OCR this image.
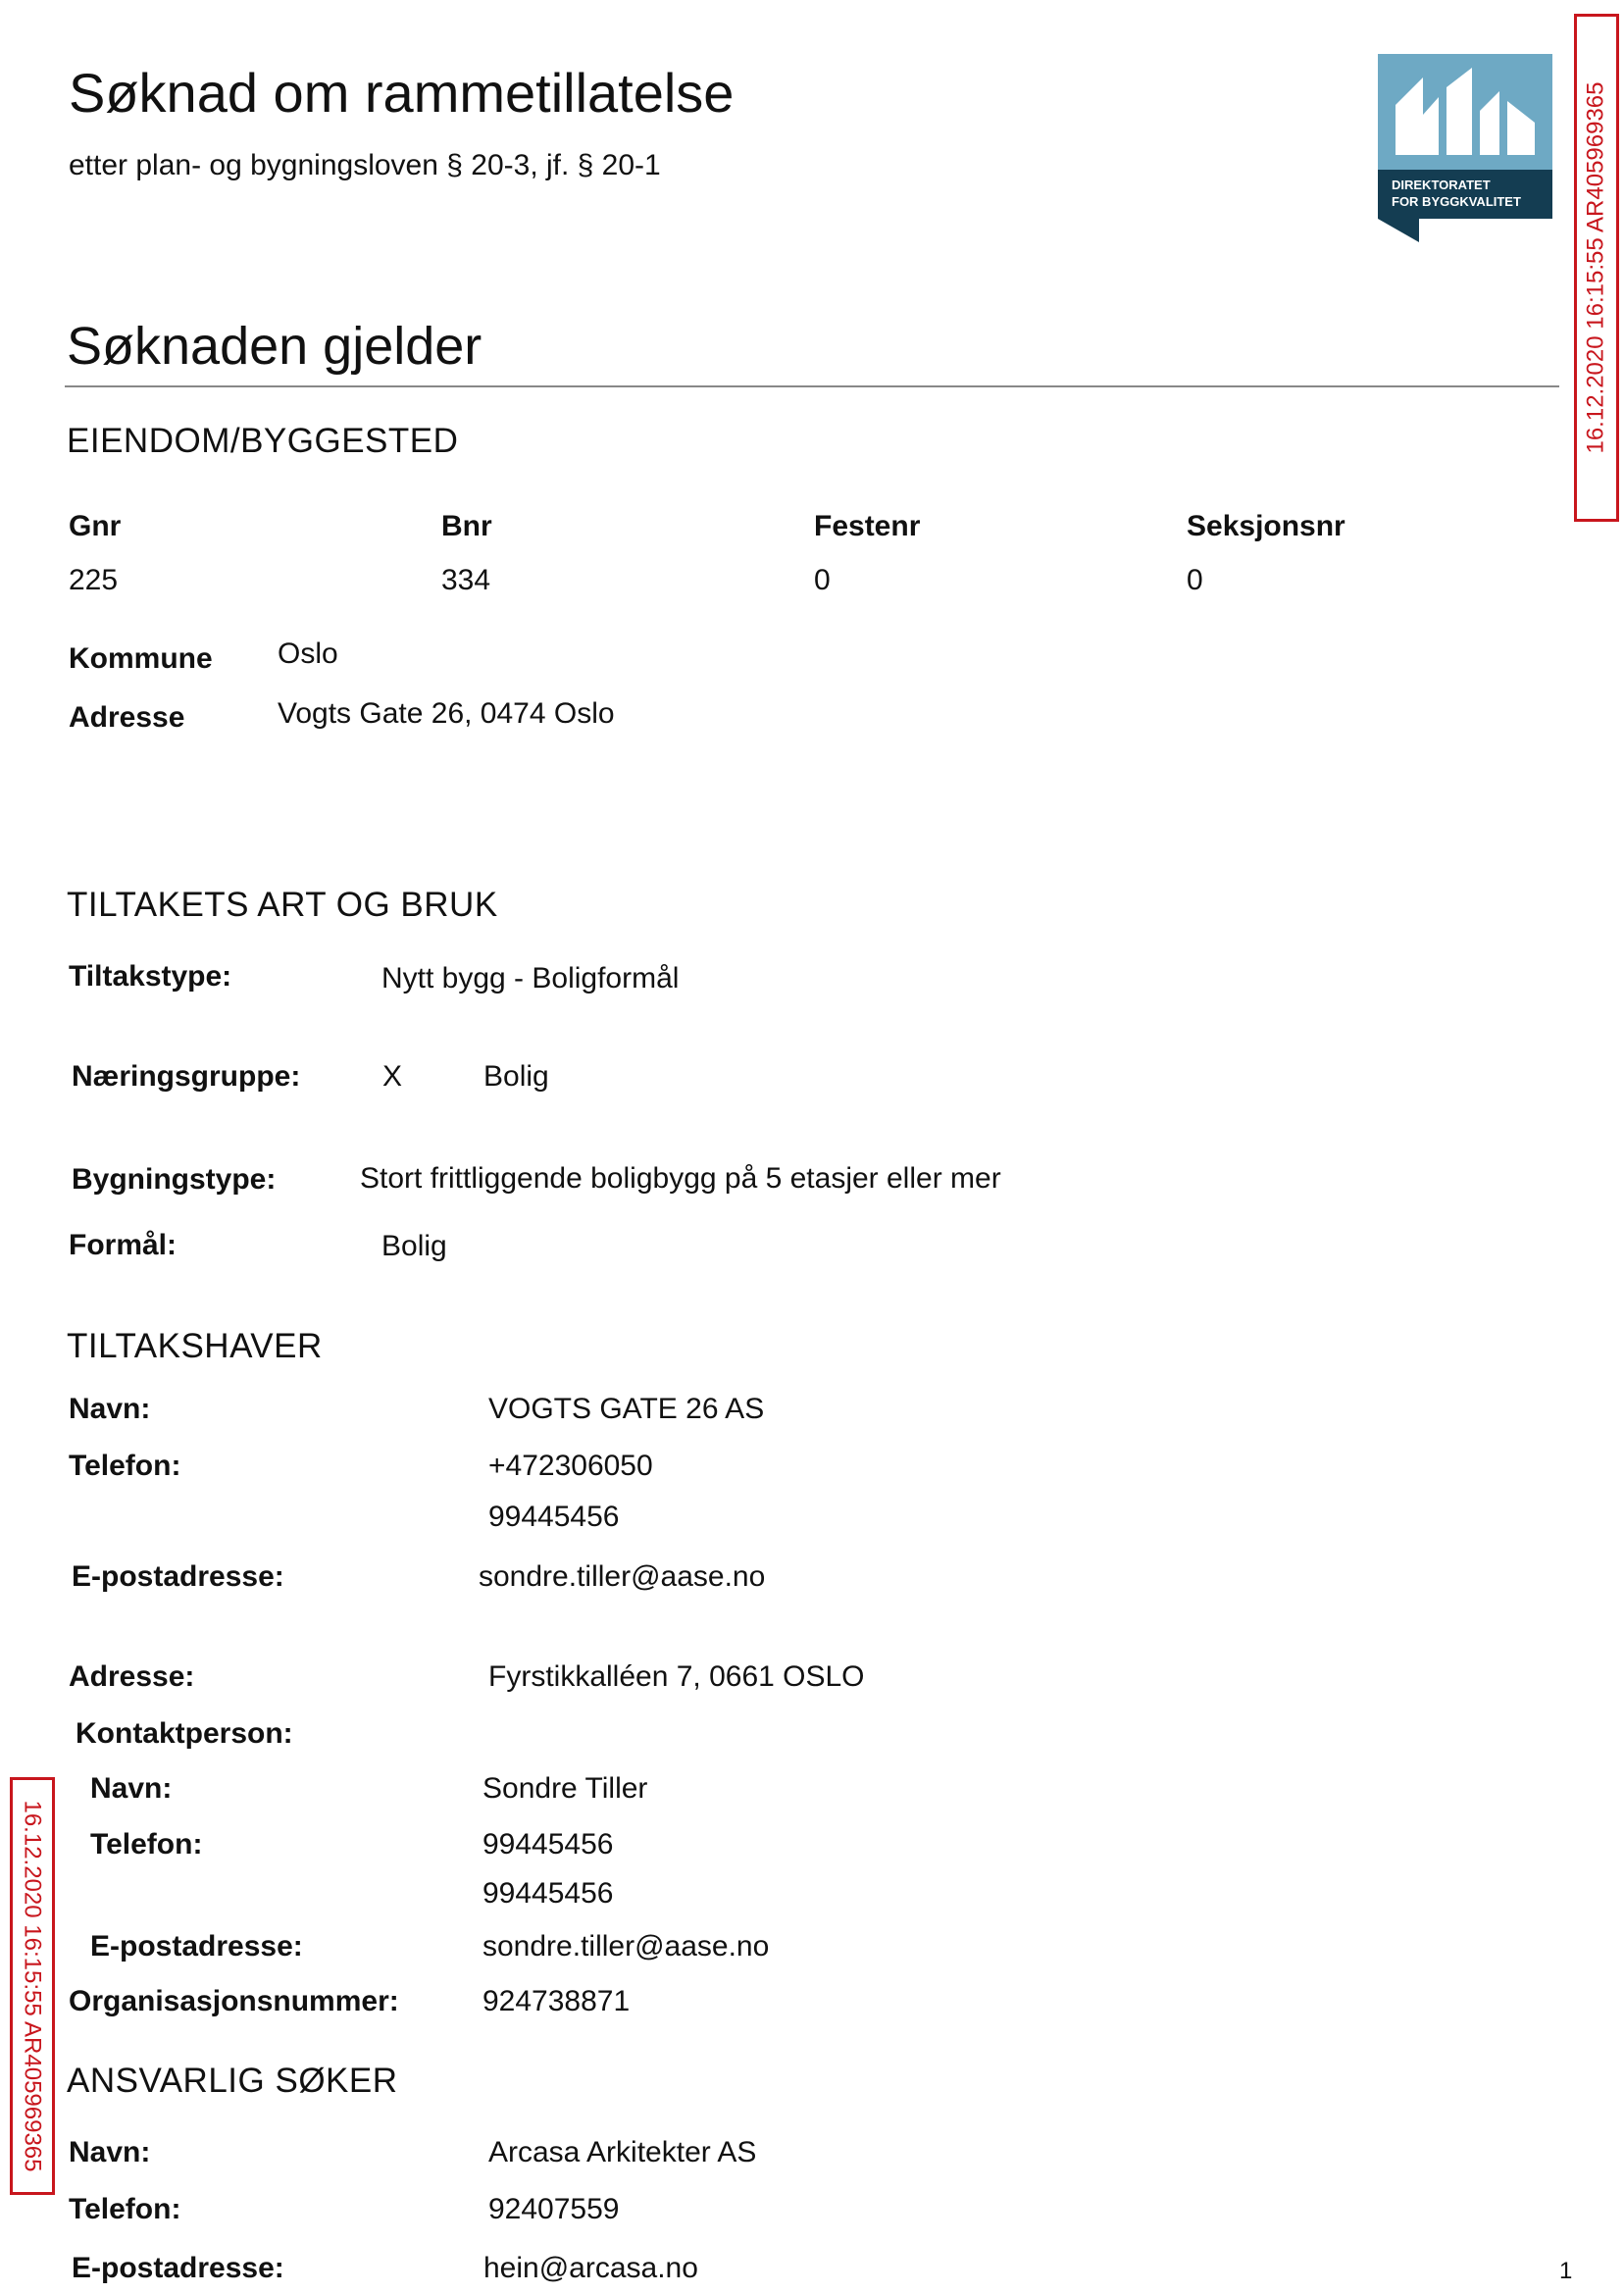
Søknad om rammetillatelse
etter plan- og bygningsloven § 20-3, jf. § 20-1
DIREKTORATET
FOR BYGGKVALITET	16.12.2020 16:15:55 AR405969365
16.12.2020 16:15:55 AR405969365
Søknaden gjelder
EIENDOM/BYGGESTED
Gnr	Bnr	Festenr	Seksjonsnr
225	334	0	0
Kommune Oslo
Adresse	Vogts Gate 26, 0474 Oslo
TILTAKETS ART OG BRUK
Tiltakstype:	Nytt bygg - Boligformål
Næringsgruppe:	X	Bolig
Bygningstype:	Stort frittliggende boligbygg på 5 etasjer eller mer
Formål:	Bolig
TILTAKSHAVER
Navn:	VOGTS GATE 26 AS
Telefon:	+472306050
99445456
E-postadresse:	sondre.tiller@aase.no
Adresse:	Fyrstikkalléen 7, 0661 OSLO
Kontaktperson:
Navn:	Sondre Tiller
Telefon:	99445456
99445456
E-postadresse:	sondre.tiller@aase.no
Organisasjonsnummer:	924738871
ANSVARLIG SØKER
Navn:	Arcasa Arkitekter AS
Telefon:	92407559
E-postadresse:	hein@arcasa.no	1
